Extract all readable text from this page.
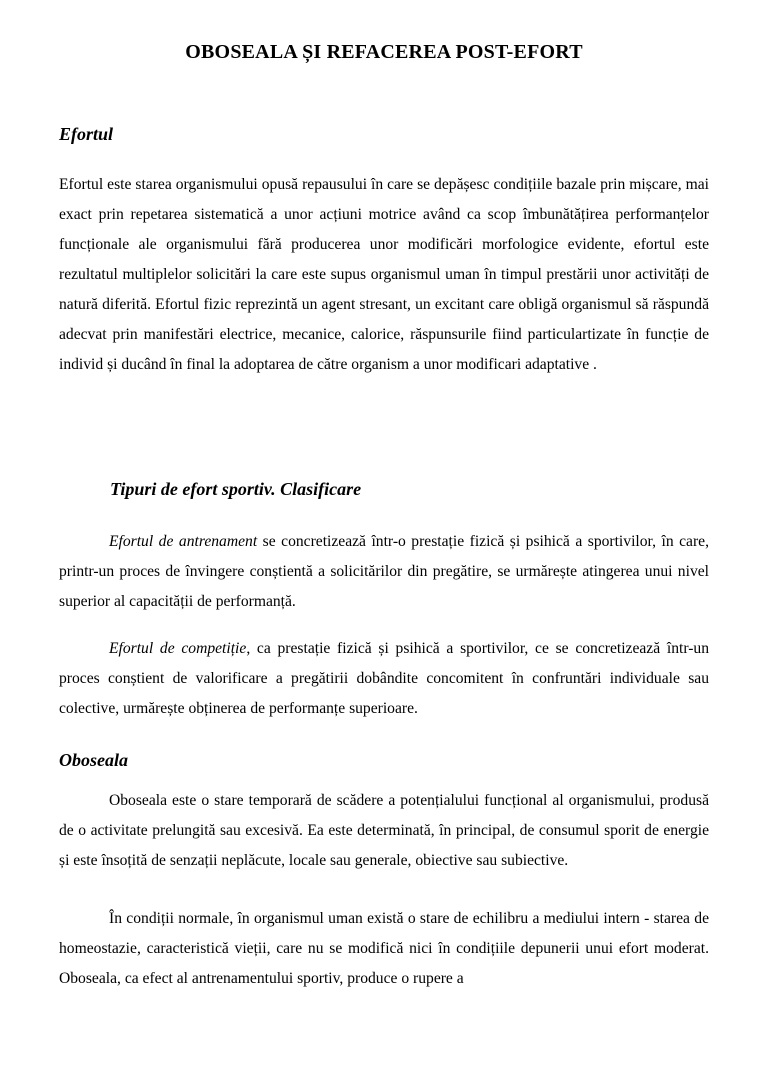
OBOSEALA ȘI REFACEREA POST-EFORT
Efortul

Efortul este starea organismului opusă repausului în care se depășesc condițiile bazale prin mișcare, mai exact prin repetarea sistematică a unor acțiuni motrice având ca scop îmbunătățirea performanțelor funcționale ale organismului fără producerea unor modificări morfologice evidente, efortul este rezultatul multiplelor solicitări la care este supus organismul uman în timpul prestării unor activități de natură diferită. Efortul fizic reprezintă un agent stresant, un excitant care obligă organismul să răspundă adecvat prin manifestări electrice, mecanice, calorice, răspunsurile fiind particulartizate în funcție de individ și ducând în final la adoptarea de către organism a unor modificari adaptative .

Tipuri de efort sportiv. Clasificare

Efortul de antrenament se concretizează într-o prestație fizică și psihică a sportivilor, în care, printr-un proces de învingere conștientă a solicitărilor din pregătire, se urmărește atingerea unui nivel superior al capacității de performanță.

Efortul de competiție, ca prestație fizică și psihică a sportivilor, ce se concretizează într-un proces conștient de valorificare a pregătirii dobândite concomitent în confruntări individuale sau colective, urmărește obținerea de performanțe superioare.

Oboseala

Oboseala este o stare temporară de scădere a potențialului funcțional al organismului, produsă de o activitate prelungită sau excesivă. Ea este determinată, în principal, de consumul sporit de energie și este însoțită de senzații neplăcute, locale sau generale, obiective sau subiective.

În condiții normale, în organismul uman există o stare de echilibru a mediului intern - starea de homeostazie, caracteristică vieții, care nu se modifică nici în condițiile depunerii unui efort moderat. Oboseala, ca efect al antrenamentului sportiv, produce o rupere a
